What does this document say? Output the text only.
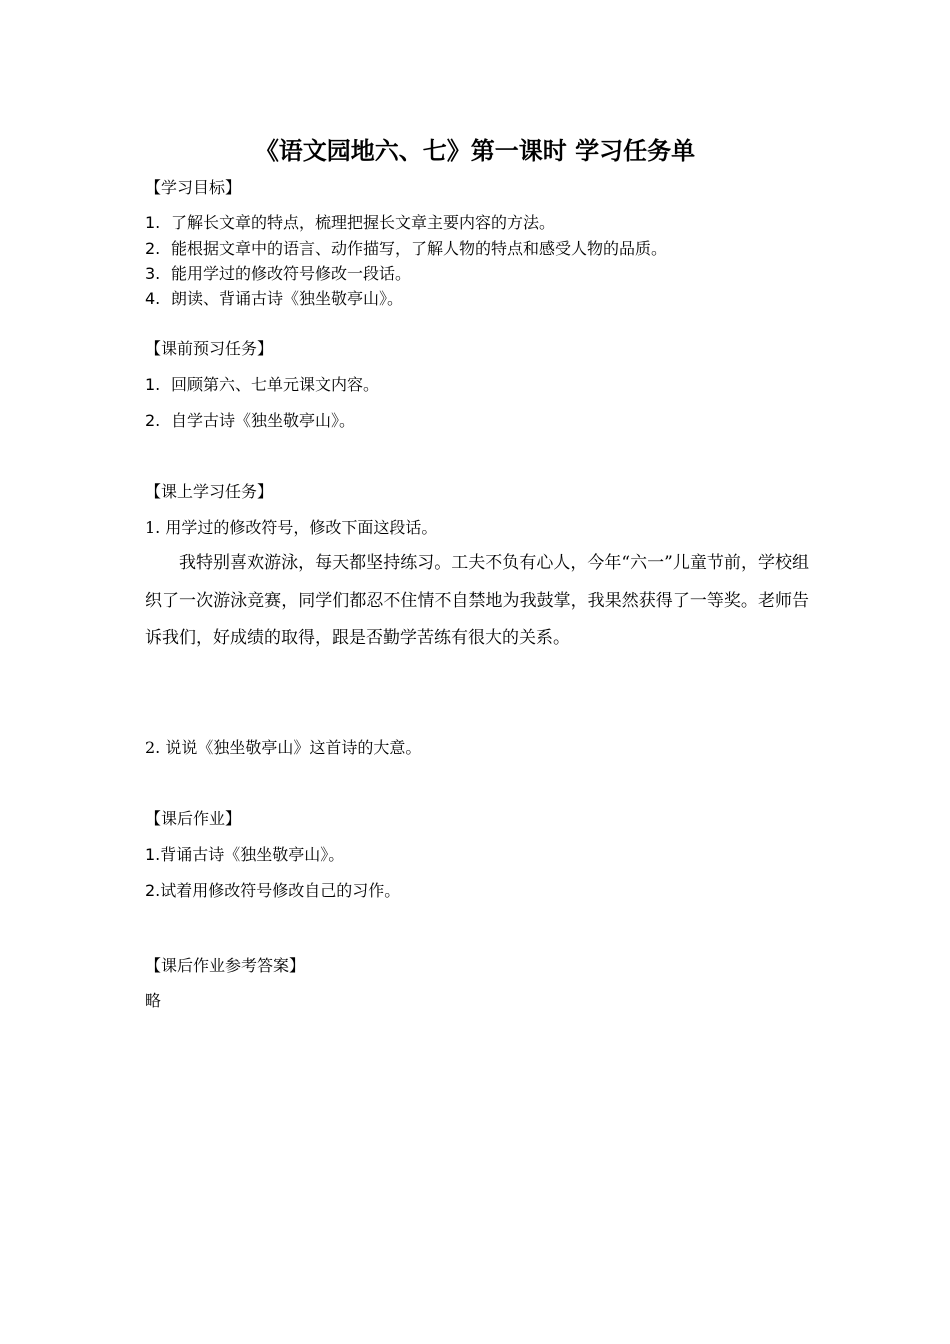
《语文园地六、七》第一课时 学习任务单
【学习目标】
1. 了解长文章的特点，梳理把握长文章主要内容的方法。
2. 能根据文章中的语言、动作描写，了解人物的特点和感受人物的品质。
3. 能用学过的修改符号修改一段话。
4. 朗读、背诵古诗《独坐敬亭山》。
【课前预习任务】
1. 回顾第六、七单元课文内容。
2. 自学古诗《独坐敬亭山》。
【课上学习任务】
1. 用学过的修改符号，修改下面这段话。
我特别喜欢游泳，每天都坚持练习。工夫不负有心人，今年“六一”儿童节前，学校组织了一次游泳竞赛，同学们都忍不住情不自禁地为我鼓掌，我果然获得了一等奖。老师告诉我们，好成绩的取得，跟是否勤学苦练有很大的关系。
2. 说说《独坐敬亭山》这首诗的大意。
【课后作业】
1.背诵古诗《独坐敬亭山》。
2.试着用修改符号修改自己的习作。
【课后作业参考答案】
略
